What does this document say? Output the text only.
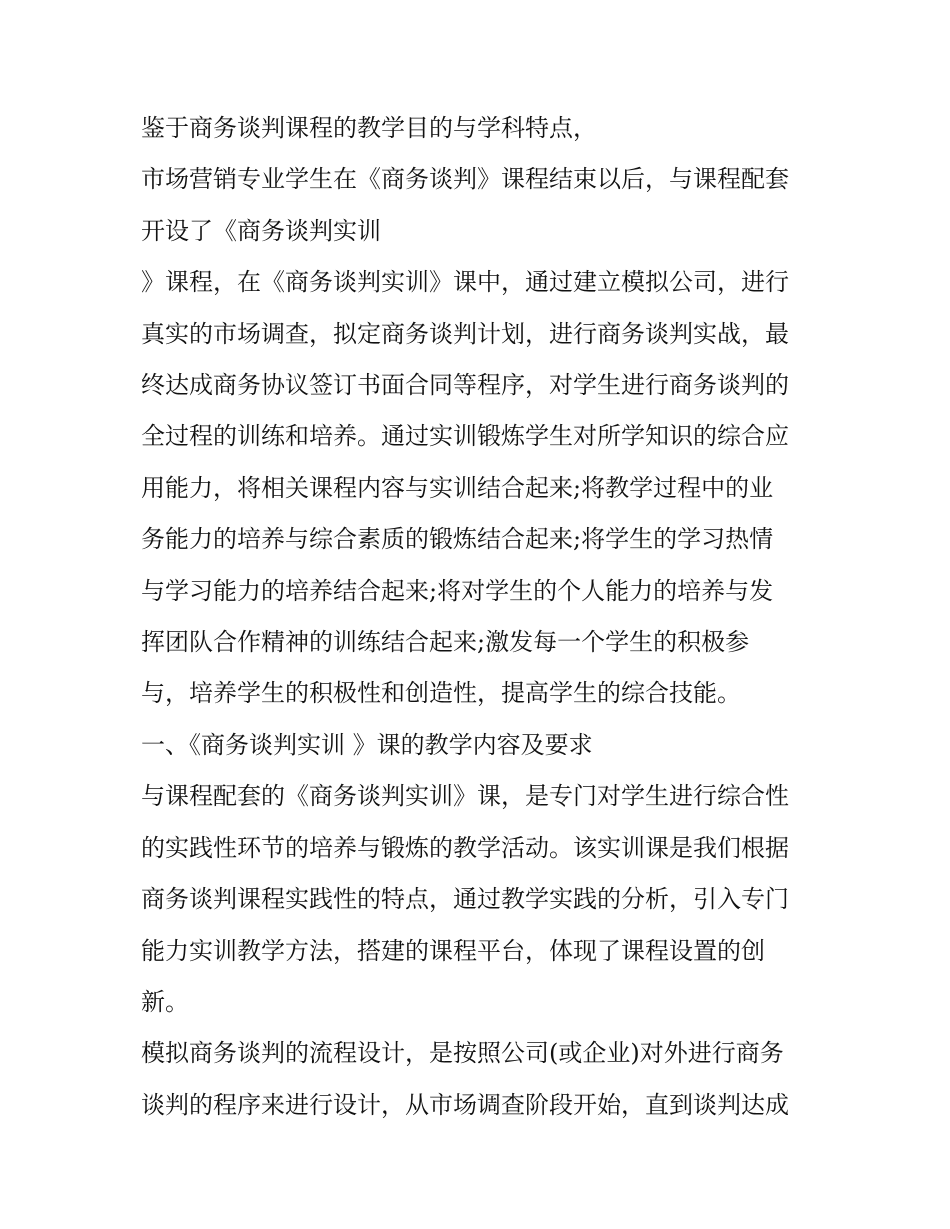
鉴于商务谈判课程的教学目的与学科特点，
市场营销专业学生在《商务谈判》课程结束以后，与课程配套
开设了《商务谈判实训
》课程，在《商务谈判实训》课中，通过建立模拟公司，进行
真实的市场调查，拟定商务谈判计划，进行商务谈判实战，最
终达成商务协议签订书面合同等程序，对学生进行商务谈判的
全过程的训练和培养。通过实训锻炼学生对所学知识的综合应
用能力，将相关课程内容与实训结合起来;将教学过程中的业
务能力的培养与综合素质的锻炼结合起来;将学生的学习热情
与学习能力的培养结合起来;将对学生的个人能力的培养与发
挥团队合作精神的训练结合起来;激发每一个学生的积极参
与，培养学生的积极性和创造性，提高学生的综合技能。
一、《商务谈判实训 》课的教学内容及要求
与课程配套的《商务谈判实训》课，是专门对学生进行综合性
的实践性环节的培养与锻炼的教学活动。该实训课是我们根据
商务谈判课程实践性的特点，通过教学实践的分析，引入专门
能力实训教学方法，搭建的课程平台，体现了课程设置的创
新。
模拟商务谈判的流程设计，是按照公司(或企业)对外进行商务
谈判的程序来进行设计，从市场调查阶段开始，直到谈判达成
